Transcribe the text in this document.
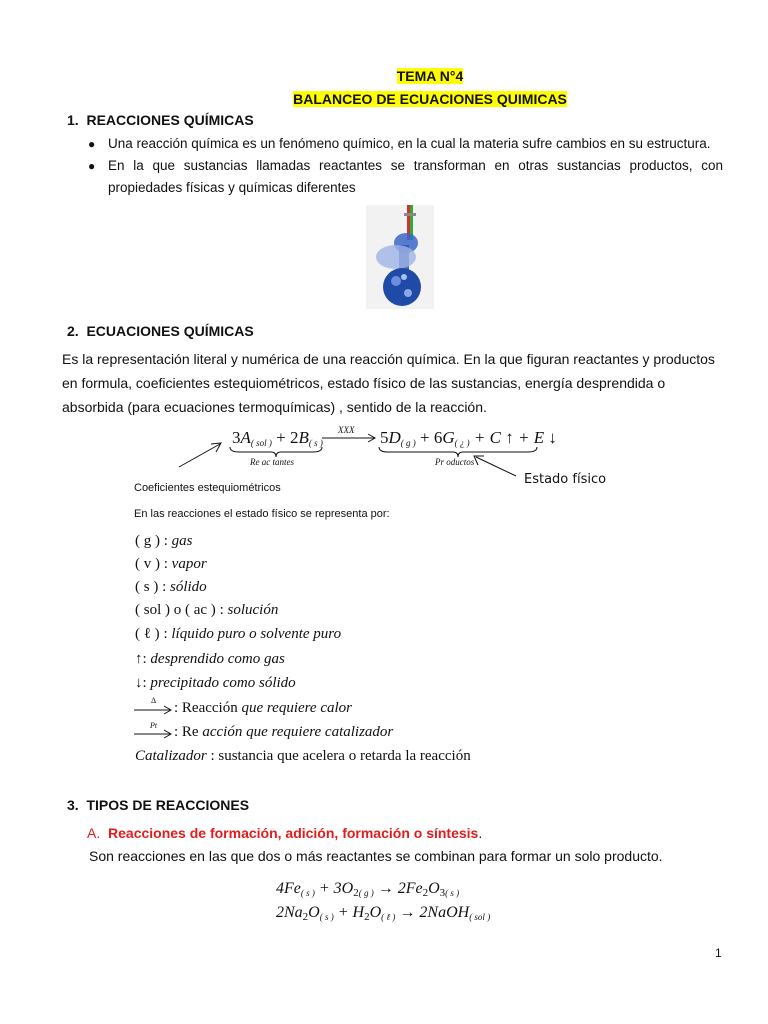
TEMA N°4
BALANCEO DE ECUACIONES QUIMICAS
1. REACCIONES QUÍMICAS
● Una reacción química es un fenómeno químico, en la cual la materia sufre cambios en su estructura.
● En la que sustancias llamadas reactantes se transforman en otras sustancias productos, con propiedades físicas y químicas diferentes
2. ECUACIONES QUÍMICAS
Es la representación literal y numérica de una reacción química. En la que figuran reactantes y productos en formula, coeficientes estequiométricos, estado físico de las sustancias, energía desprendida o absorbida (para ecuaciones termoquímicas) , sentido de la reacción.
$3A_{( sol )} + 2B_{( s )}$
XXX → $5D_{( g )} + 6G_{( ¿ )} + C$ ↑ + E ↓
Re ac tantes	Pr oductos
Estado físico
Coeficientes estequiométricos
En las reacciones el estado físico se representa por:
( g ) : gas
( v ) : vapor
( s ) : sólido
( sol ) o ( ac ) : solución
( ℓ ) : líquido puro o solvente puro
↑: desprendido como gas
↓: precipitado como sólido
Δ : Reacción que requiere calor
Pt : Re acción que requiere catalizador
Catalizador : sustancia que acelera o retarda la reacción
3. TIPOS DE REACCIONES
A. Reacciones de formación, adición, formación o síntesis.
Son reacciones en las que dos o más reactantes se combinan para formar un solo producto.
$4Fe_{( s )} + 3O2_{( g )} \to 2Fe2O3_{( s )}$
$2Na2O_{( s )} + H2O_{( \ell )}$ → 2NaOH$_{( sol )}$
1
